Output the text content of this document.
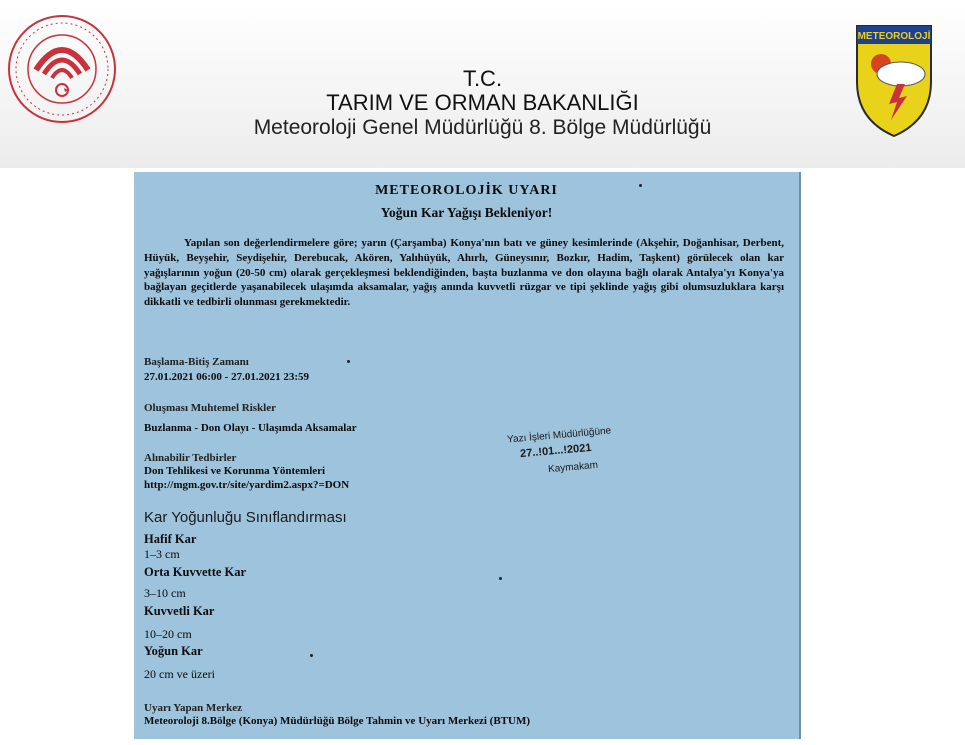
T.C.
TARIM VE ORMAN BAKANLIĞI
Meteoroloji Genel Müdürlüğü 8. Bölge Müdürlüğü
METEOROLOJİ
METEOROLOJİK UYARI
Yoğun Kar Yağışı Bekleniyor!
Yapılan son değerlendirmelere göre; yarın (Çarşamba) Konya'nın batı ve güney kesimlerinde (Akşehir, Doğanhisar, Derbent, Hüyük, Beyşehir, Seydişehir, Derebucak, Akören, Yalıhüyük, Ahırlı, Güneysınır, Bozkır, Hadim, Taşkent) görülecek olan kar yağışlarının yoğun (20-50 cm) olarak gerçekleşmesi beklendiğinden, başta buzlanma ve don olayına bağlı olarak Antalya'yı Konya'ya bağlayan geçitlerde yaşanabilecek ulaşımda aksamalar, yağış anında kuvvetli rüzgar ve tipi şeklinde yağış gibi olumsuzluklara karşı dikkatli ve tedbirli olunması gerekmektedir.
Başlama-Bitiş Zamanı
27.01.2021 06:00 - 27.01.2021 23:59
Oluşması Muhtemel Riskler
Buzlanma - Don Olayı - Ulaşımda Aksamalar
Alınabilir Tedbirler
Don Tehlikesi ve Korunma Yöntemleri
http://mgm.gov.tr/site/yardim2.aspx?=DON
Yazı İşleri Müdürlüğüne
27..!01...!2021
Kaymakam
Kar Yoğunluğu Sınıflandırması
Hafif Kar
1–3 cm
Orta Kuvvette Kar
3–10 cm
Kuvvetli Kar
10–20 cm
Yoğun Kar
20 cm ve üzeri
Uyarı Yapan Merkez
Meteoroloji 8.Bölge (Konya) Müdürlüğü Bölge Tahmin ve Uyarı Merkezi (BTUM)
